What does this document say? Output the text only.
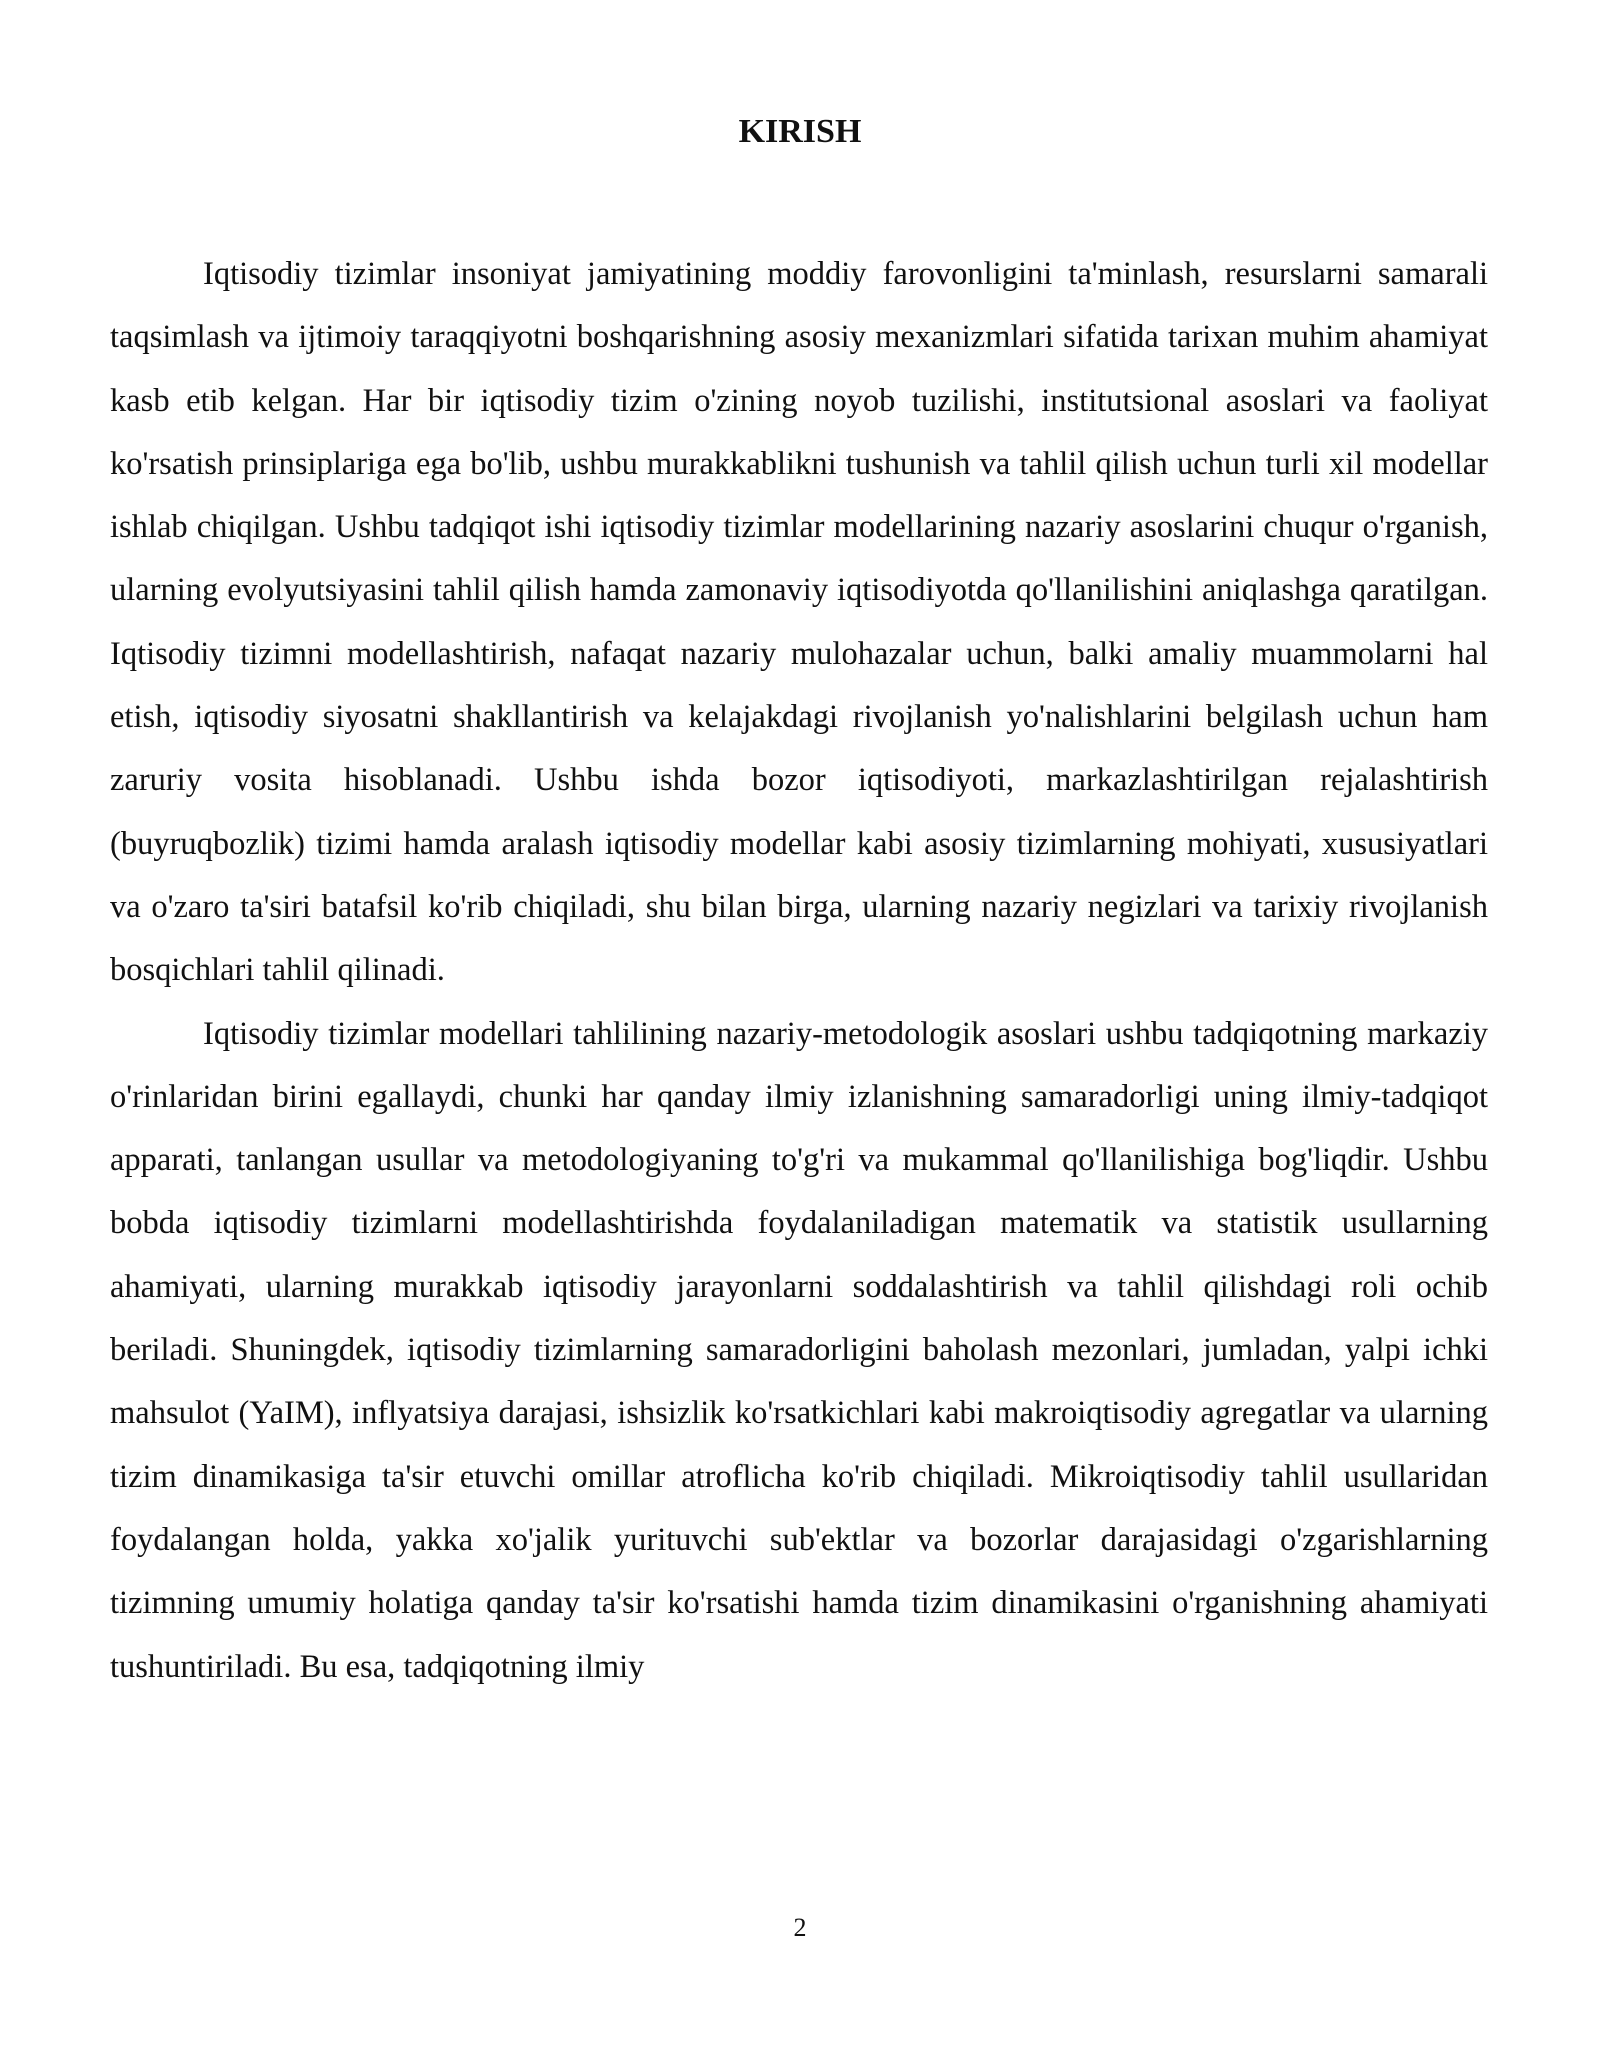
KIRISH

Iqtisodiy tizimlar insoniyat jamiyatining moddiy farovonligini ta'minlash, resurslarni samarali taqsimlash va ijtimoiy taraqqiyotni boshqarishning asosiy mexanizmlari sifatida tarixan muhim ahamiyat kasb etib kelgan. Har bir iqtisodiy tizim o'zining noyob tuzilishi, institutsional asoslari va faoliyat ko'rsatish prinsiplariga ega bo'lib, ushbu murakkablikni tushunish va tahlil qilish uchun turli xil modellar ishlab chiqilgan. Ushbu tadqiqot ishi iqtisodiy tizimlar modellarining nazariy asoslarini chuqur o'rganish, ularning evolyutsiyasini tahlil qilish hamda zamonaviy iqtisodiyotda qo'llanilishini aniqlashga qaratilgan. Iqtisodiy tizimni modellashtirish, nafaqat nazariy mulohazalar uchun, balki amaliy muammolarni hal etish, iqtisodiy siyosatni shakllantirish va kelajakdagi rivojlanish yo'nalishlarini belgilash uchun ham zaruriy vosita hisoblanadi. Ushbu ishda bozor iqtisodiyoti, markazlashtirilgan rejalashtirish (buyruqbozlik) tizimi hamda aralash iqtisodiy modellar kabi asosiy tizimlarning mohiyati, xususiyatlari va o'zaro ta'siri batafsil ko'rib chiqiladi, shu bilan birga, ularning nazariy negizlari va tarixiy rivojlanish bosqichlari tahlil qilinadi.

Iqtisodiy tizimlar modellari tahlilining nazariy-metodologik asoslari ushbu tadqiqotning markaziy o'rinlaridan birini egallaydi, chunki har qanday ilmiy izlanishning samaradorligi uning ilmiy-tadqiqot apparati, tanlangan usullar va metodologiyaning to'g'ri va mukammal qo'llanilishiga bog'liqdir. Ushbu bobda iqtisodiy tizimlarni modellashtirishda foydalaniladigan matematik va statistik usullarning ahamiyati, ularning murakkab iqtisodiy jarayonlarni soddalashtirish va tahlil qilishdagi roli ochib beriladi. Shuningdek, iqtisodiy tizimlarning samaradorligini baholash mezonlari, jumladan, yalpi ichki mahsulot (YaIM), inflyatsiya darajasi, ishsizlik ko'rsatkichlari kabi makroiqtisodiy agregatlar va ularning tizim dinamikasiga ta'sir etuvchi omillar atroflicha ko'rib chiqiladi. Mikroiqtisodiy tahlil usullaridan foydalangan holda, yakka xo'jalik yurituvchi sub'ektlar va bozorlar darajasidagi o'zgarishlarning tizimning umumiy holatiga qanday ta'sir ko'rsatishi hamda tizim dinamikasini o'rganishning ahamiyati tushuntiriladi. Bu esa, tadqiqotning ilmiy

2
